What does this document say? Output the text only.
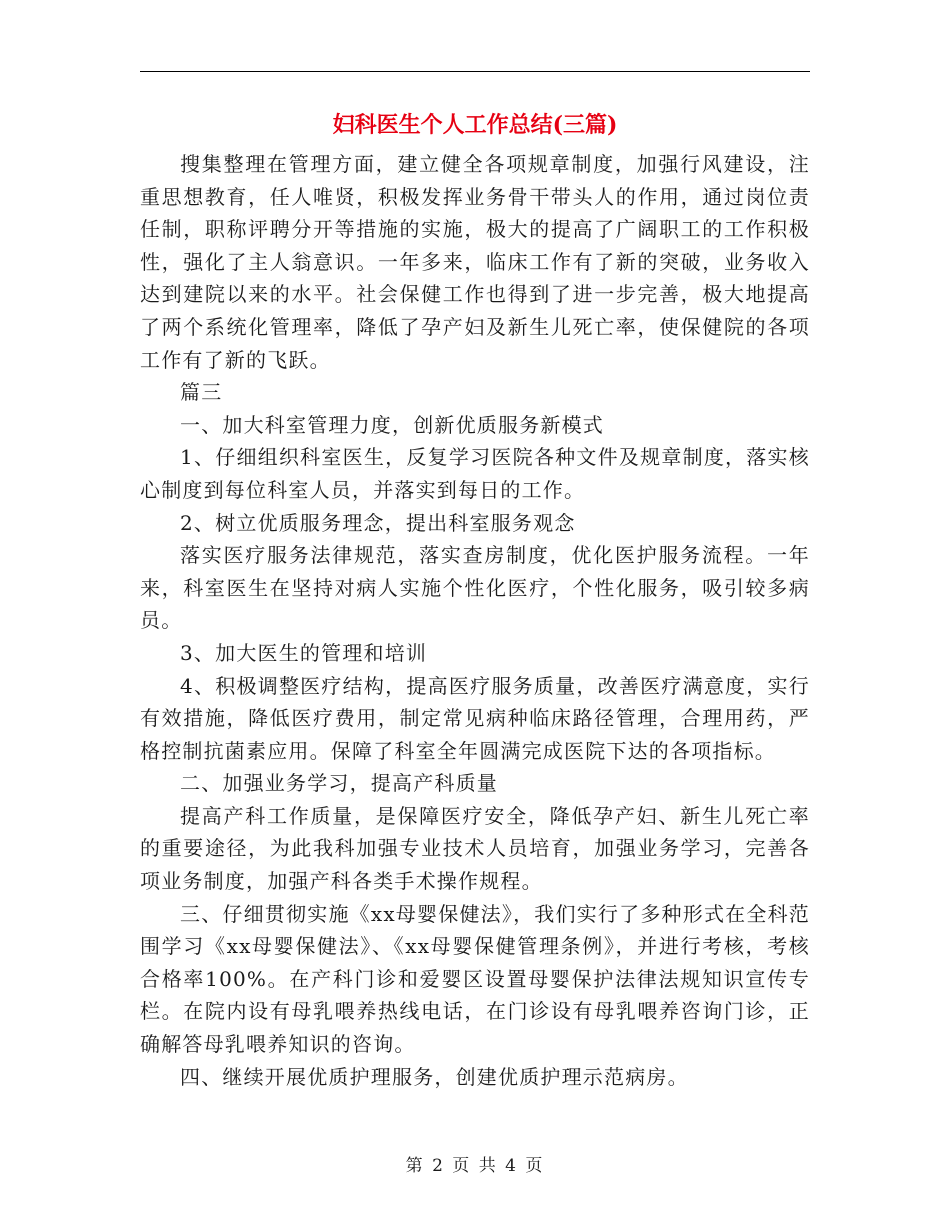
妇科医生个人工作总结(三篇)

搜集整理在管理方面，建立健全各项规章制度，加强行风建设，注重思想教育，任人唯贤，积极发挥业务骨干带头人的作用，通过岗位责任制，职称评聘分开等措施的实施，极大的提高了广阔职工的工作积极性，强化了主人翁意识。一年多来，临床工作有了新的突破，业务收入达到建院以来的水平。社会保健工作也得到了进一步完善，极大地提高了两个系统化管理率，降低了孕产妇及新生儿死亡率，使保健院的各项工作有了新的飞跃。

篇三

一、加大科室管理力度，创新优质服务新模式

1、仔细组织科室医生，反复学习医院各种文件及规章制度，落实核心制度到每位科室人员，并落实到每日的工作。

2、树立优质服务理念，提出科室服务观念

落实医疗服务法律规范，落实查房制度，优化医护服务流程。一年来，科室医生在坚持对病人实施个性化医疗，个性化服务，吸引较多病员。

3、加大医生的管理和培训

4、积极调整医疗结构，提高医疗服务质量，改善医疗满意度，实行有效措施，降低医疗费用，制定常见病种临床路径管理，合理用药，严格控制抗菌素应用。保障了科室全年圆满完成医院下达的各项指标。

二、加强业务学习，提高产科质量

提高产科工作质量，是保障医疗安全，降低孕产妇、新生儿死亡率的重要途径，为此我科加强专业技术人员培育，加强业务学习，完善各项业务制度，加强产科各类手术操作规程。

三、仔细贯彻实施《xx母婴保健法》，我们实行了多种形式在全科范围学习《xx母婴保健法》、《xx母婴保健管理条例》，并进行考核，考核合格率100%。在产科门诊和爱婴区设置母婴保护法律法规知识宣传专栏。在院内设有母乳喂养热线电话，在门诊设有母乳喂养咨询门诊，正确解答母乳喂养知识的咨询。

四、继续开展优质护理服务，创建优质护理示范病房。

第 2 页 共 4 页
